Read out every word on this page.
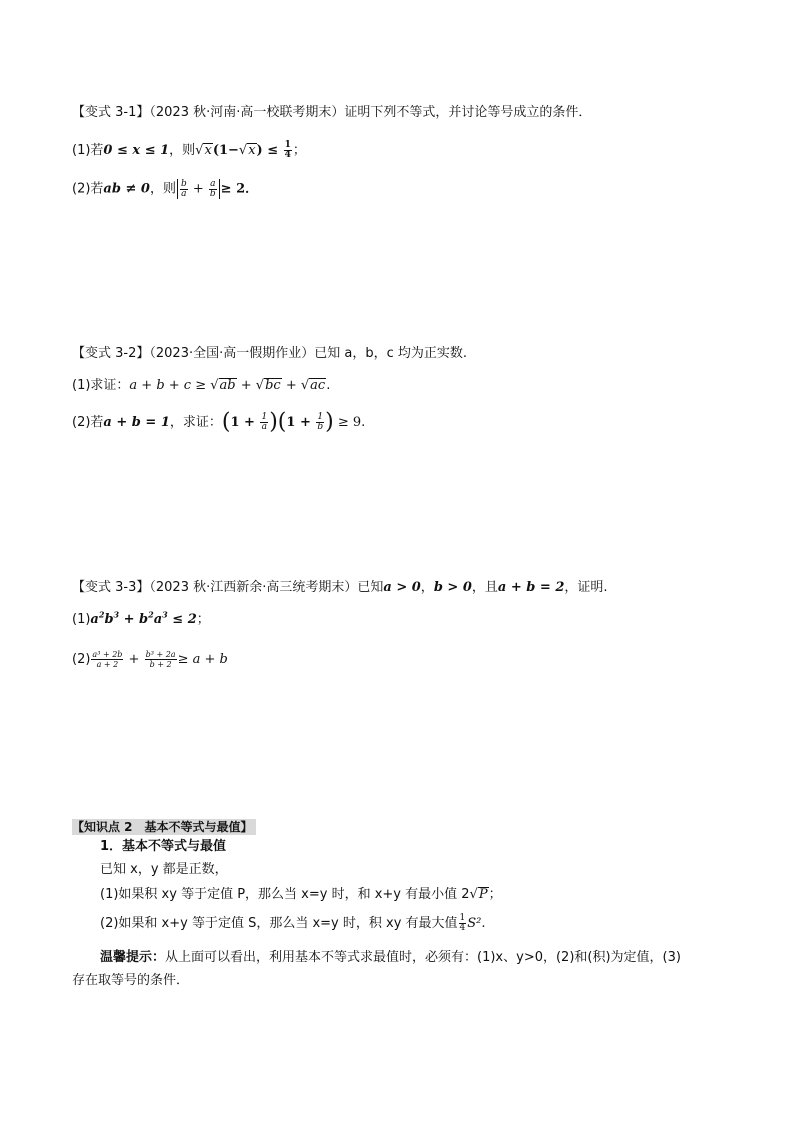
【变式 3-1】（2023 秋·河南·高一校联考期末）证明下列不等式，并讨论等号成立的条件．
(1)若0 ≤ x ≤ 1，则$√x(1-√x) \le \frac{1}{4}$ ；
(2)若ab ≠ 0，则 $\frac{b}{a} + \frac{a}{b} \ge 2$．
【变式 3-2】（2023·全国·高一假期作业）已知 a，b，c 均为正实数.
(1)求证：a + b + c ≥ √ab + √bc + √ac.
(2)若a + b = 1，求证：$(1 + \frac{1}{a} )(1 + \frac{1}{b}$ ) ≥ 9.
【变式 3-3】（2023 秋·江西新余·高三统考期末）已知a > 0，b > 0，且a + b = 2，证明.
$(1)a^2b^3 + b^2a^3 \le 2$；
$(2) \frac{\text{a³ + 2b}}{a + 2} + \frac{\text{b³ + 2a}}{b + 2} \ge a + b$
【知识点 2　基本不等式与最值】
1．基本不等式与最值
已知 x，y 都是正数，
(1)如果积 xy 等于定值 P，那么当 x=y 时，和 x+y 有最小值 2√P；
(2)如果和 x+y 等于定值 S，那么当 x=y 时，积 xy 有最大值 $\frac{1}{4} S^2$.
温馨提示：从上面可以看出，利用基本不等式求最值时，必须有：(1)x、y>0，(2)和(积)为定值，(3)
存在取等号的条件．
